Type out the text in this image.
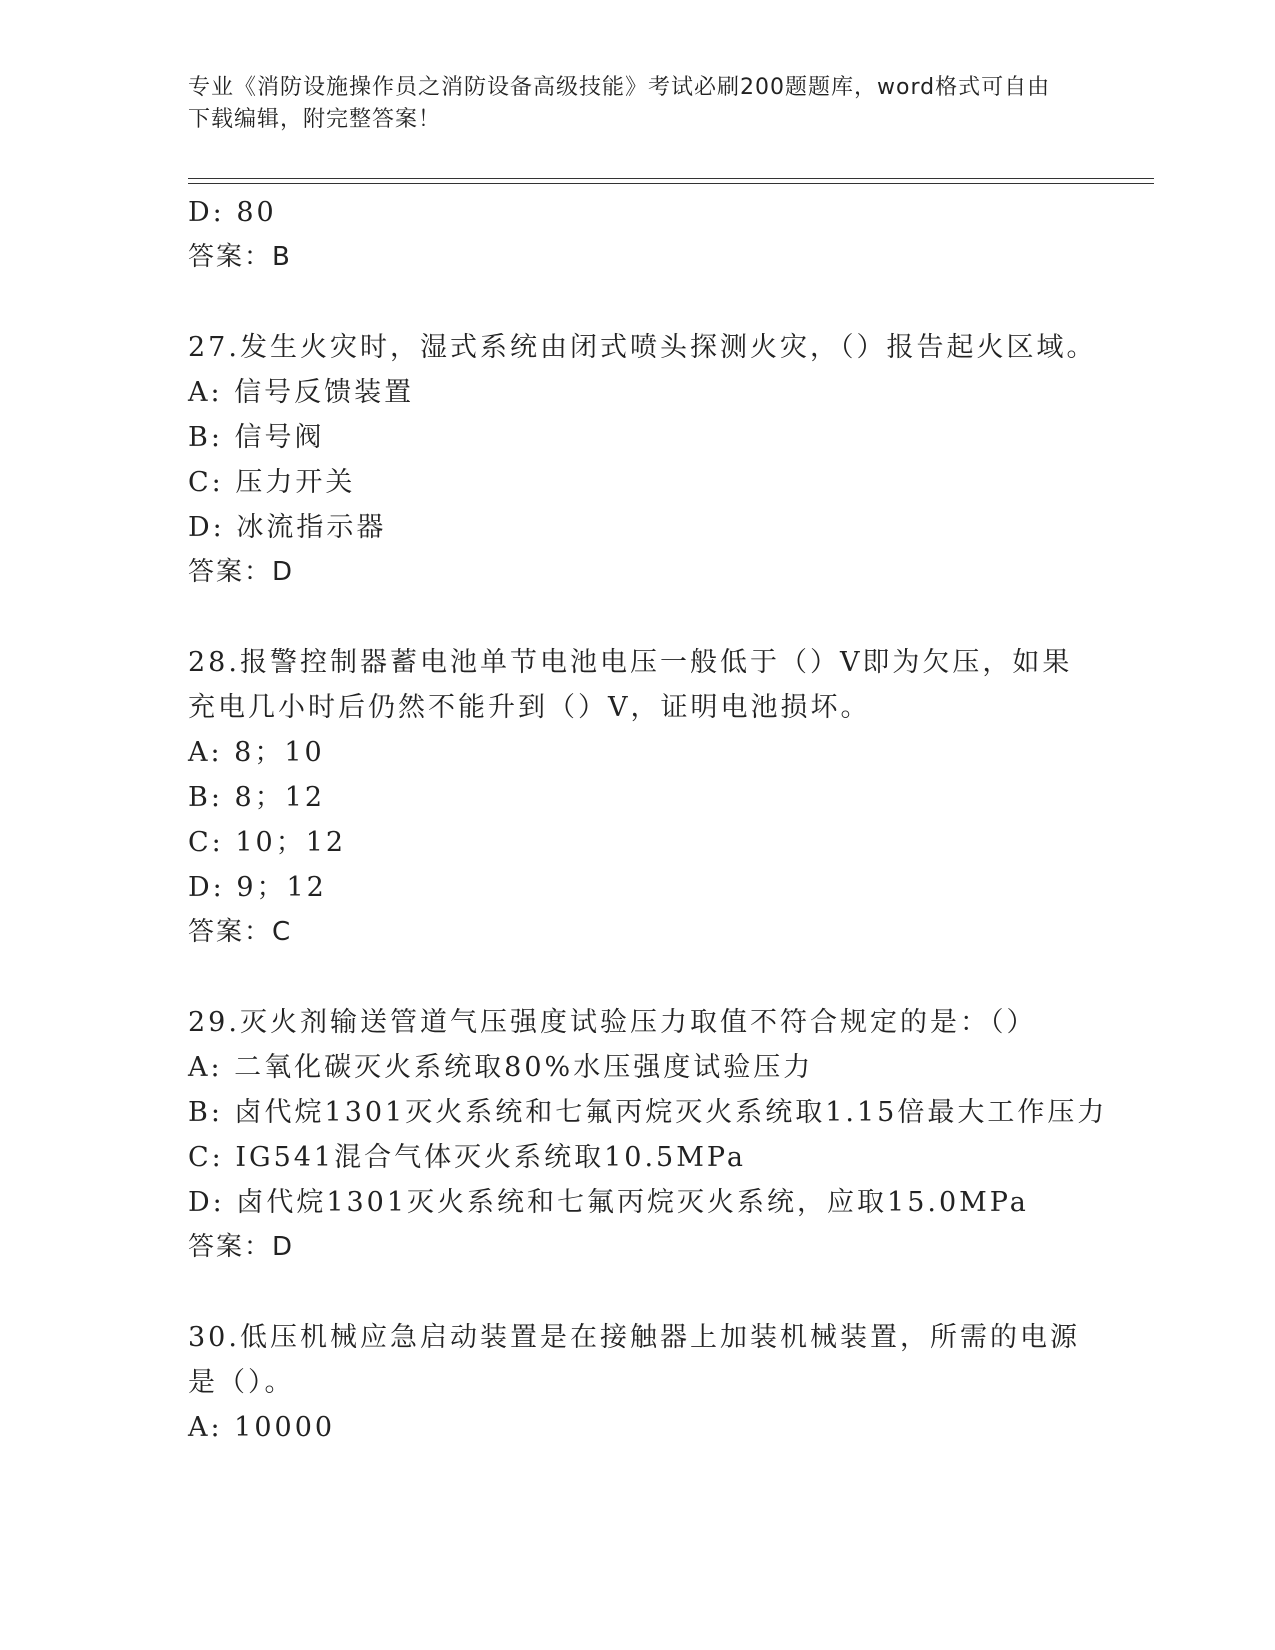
专业《消防设施操作员之消防设备高级技能》考试必刷200题题库，word格式可自由下载编辑，附完整答案！
D: 80
答案：B
27.发生火灾时，湿式系统由闭式喷头探测火灾，（）报告起火区域。
A: 信号反馈装置
B: 信号阀
C: 压力开关
D: 冰流指示器
答案：D
28.报警控制器蓄电池单节电池电压一般低于（）V即为欠压，如果充电几小时后仍然不能升到（）V，证明电池损坏。
A: 8；10
B: 8；12
C: 10；12
D: 9；12
答案：C
29.灭火剂输送管道气压强度试验压力取值不符合规定的是：（）
A: 二氧化碳灭火系统取80%水压强度试验压力
B: 卤代烷1301灭火系统和七氟丙烷灭火系统取1.15倍最大工作压力
C: IG541混合气体灭火系统取10.5MPa
D: 卤代烷1301灭火系统和七氟丙烷灭火系统，应取15.0MPa
答案：D
30.低压机械应急启动装置是在接触器上加装机械装置，所需的电源是（）。
A: 10000
